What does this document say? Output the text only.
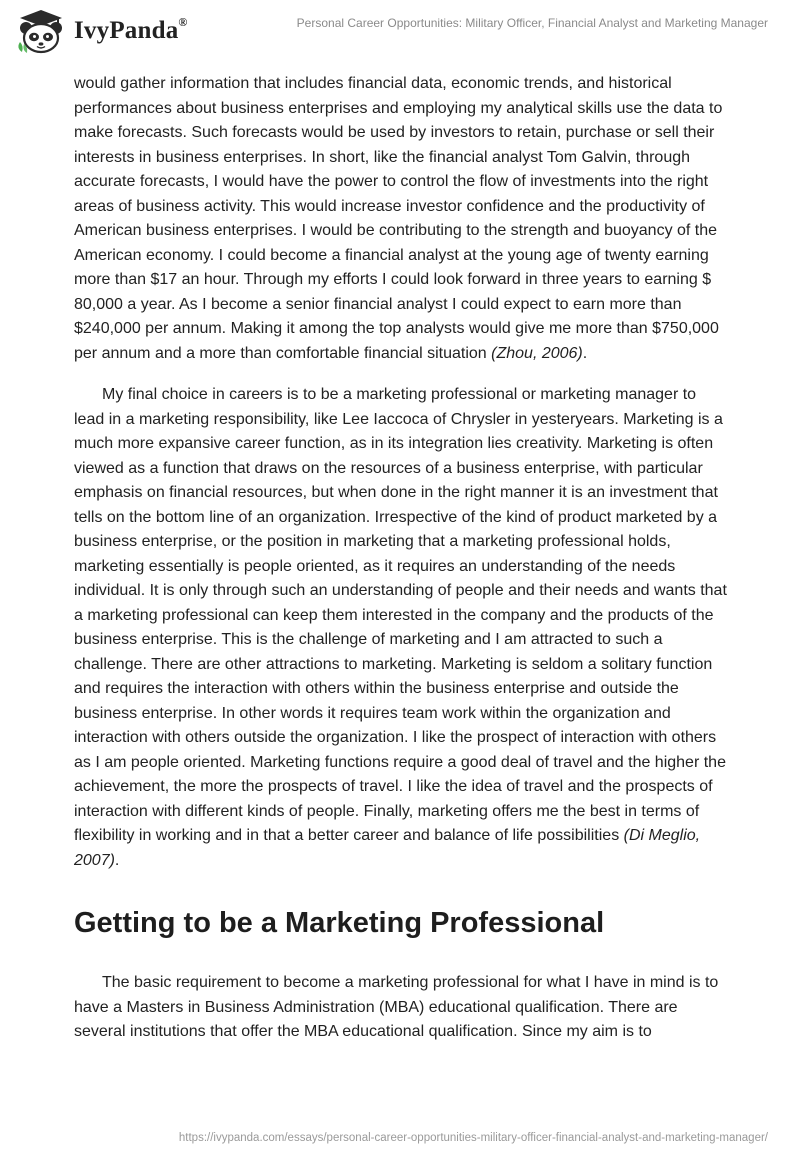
IvyPanda®	Personal Career Opportunities: Military Officer, Financial Analyst and Marketing Manager

would gather information that includes financial data, economic trends, and historical performances about business enterprises and employing my analytical skills use the data to make forecasts. Such forecasts would be used by investors to retain, purchase or sell their interests in business enterprises. In short, like the financial analyst Tom Galvin, through accurate forecasts, I would have the power to control the flow of investments into the right areas of business activity. This would increase investor confidence and the productivity of American business enterprises. I would be contributing to the strength and buoyancy of the American economy. I could become a financial analyst at the young age of twenty earning more than $17 an hour. Through my efforts I could look forward in three years to earning $ 80,000 a year. As I become a senior financial analyst I could expect to earn more than $240,000 per annum. Making it among the top analysts would give me more than $750,000 per annum and a more than comfortable financial situation (Zhou, 2006).

My final choice in careers is to be a marketing professional or marketing manager to lead in a marketing responsibility, like Lee Iaccoca of Chrysler in yesteryears. Marketing is a much more expansive career function, as in its integration lies creativity. Marketing is often viewed as a function that draws on the resources of a business enterprise, with particular emphasis on financial resources, but when done in the right manner it is an investment that tells on the bottom line of an organization. Irrespective of the kind of product marketed by a business enterprise, or the position in marketing that a marketing professional holds, marketing essentially is people oriented, as it requires an understanding of the needs individual. It is only through such an understanding of people and their needs and wants that a marketing professional can keep them interested in the company and the products of the business enterprise. This is the challenge of marketing and I am attracted to such a challenge. There are other attractions to marketing. Marketing is seldom a solitary function and requires the interaction with others within the business enterprise and outside the business enterprise. In other words it requires team work within the organization and interaction with others outside the organization. I like the prospect of interaction with others as I am people oriented. Marketing functions require a good deal of travel and the higher the achievement, the more the prospects of travel. I like the idea of travel and the prospects of interaction with different kinds of people. Finally, marketing offers me the best in terms of flexibility in working and in that a better career and balance of life possibilities (Di Meglio, 2007).

Getting to be a Marketing Professional

The basic requirement to become a marketing professional for what I have in mind is to have a Masters in Business Administration (MBA) educational qualification. There are several institutions that offer the MBA educational qualification. Since my aim is to

https://ivypanda.com/essays/personal-career-opportunities-military-officer-financial-analyst-and-marketing-manager/
